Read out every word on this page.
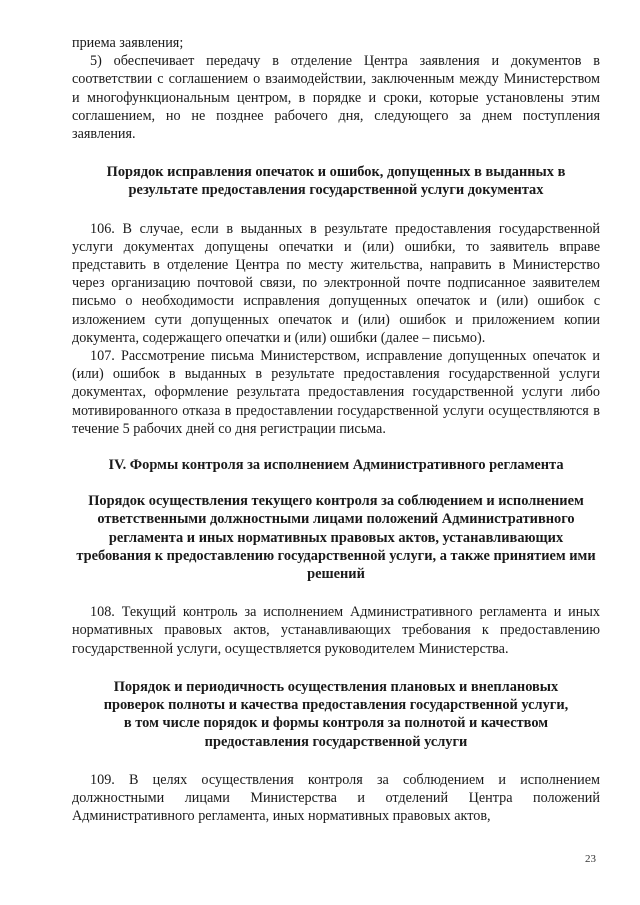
приема заявления;

5) обеспечивает передачу в отделение Центра заявления и документов в соответствии с соглашением о взаимодействии, заключенным между Министерством и многофункциональным центром, в порядке и сроки, которые установлены этим соглашением, но не позднее рабочего дня, следующего за днем поступления заявления.

Порядок исправления опечаток и ошибок, допущенных в выданных в результате предоставления государственной услуги документах

106. В случае, если в выданных в результате предоставления государственной услуги документах допущены опечатки и (или) ошибки, то заявитель вправе представить в отделение Центра по месту жительства, направить в Министерство через организацию почтовой связи, по электронной почте подписанное заявителем письмо о необходимости исправления допущенных опечаток и (или) ошибок с изложением сути допущенных опечаток и (или) ошибок и приложением копии документа, содержащего опечатки и (или) ошибки (далее – письмо).

107. Рассмотрение письма Министерством, исправление допущенных опечаток и (или) ошибок в выданных в результате предоставления государственной услуги документах, оформление результата предоставления государственной услуги либо мотивированного отказа в предоставлении государственной услуги осуществляются в течение 5 рабочих дней со дня регистрации письма.

IV. Формы контроля за исполнением Административного регламента

Порядок осуществления текущего контроля за соблюдением и исполнением ответственными должностными лицами положений Административного регламента и иных нормативных правовых актов, устанавливающих требования к предоставлению государственной услуги, а также принятием ими решений

108. Текущий контроль за исполнением Административного регламента и иных нормативных правовых актов, устанавливающих требования к предоставлению государственной услуги, осуществляется руководителем Министерства.

Порядок и периодичность осуществления плановых и внеплановых проверок полноты и качества предоставления государственной услуги, в том числе порядок и формы контроля за полнотой и качеством предоставления государственной услуги

109. В целях осуществления контроля за соблюдением и исполнением должностными лицами Министерства и отделений Центра положений Административного регламента, иных нормативных правовых актов,

23
